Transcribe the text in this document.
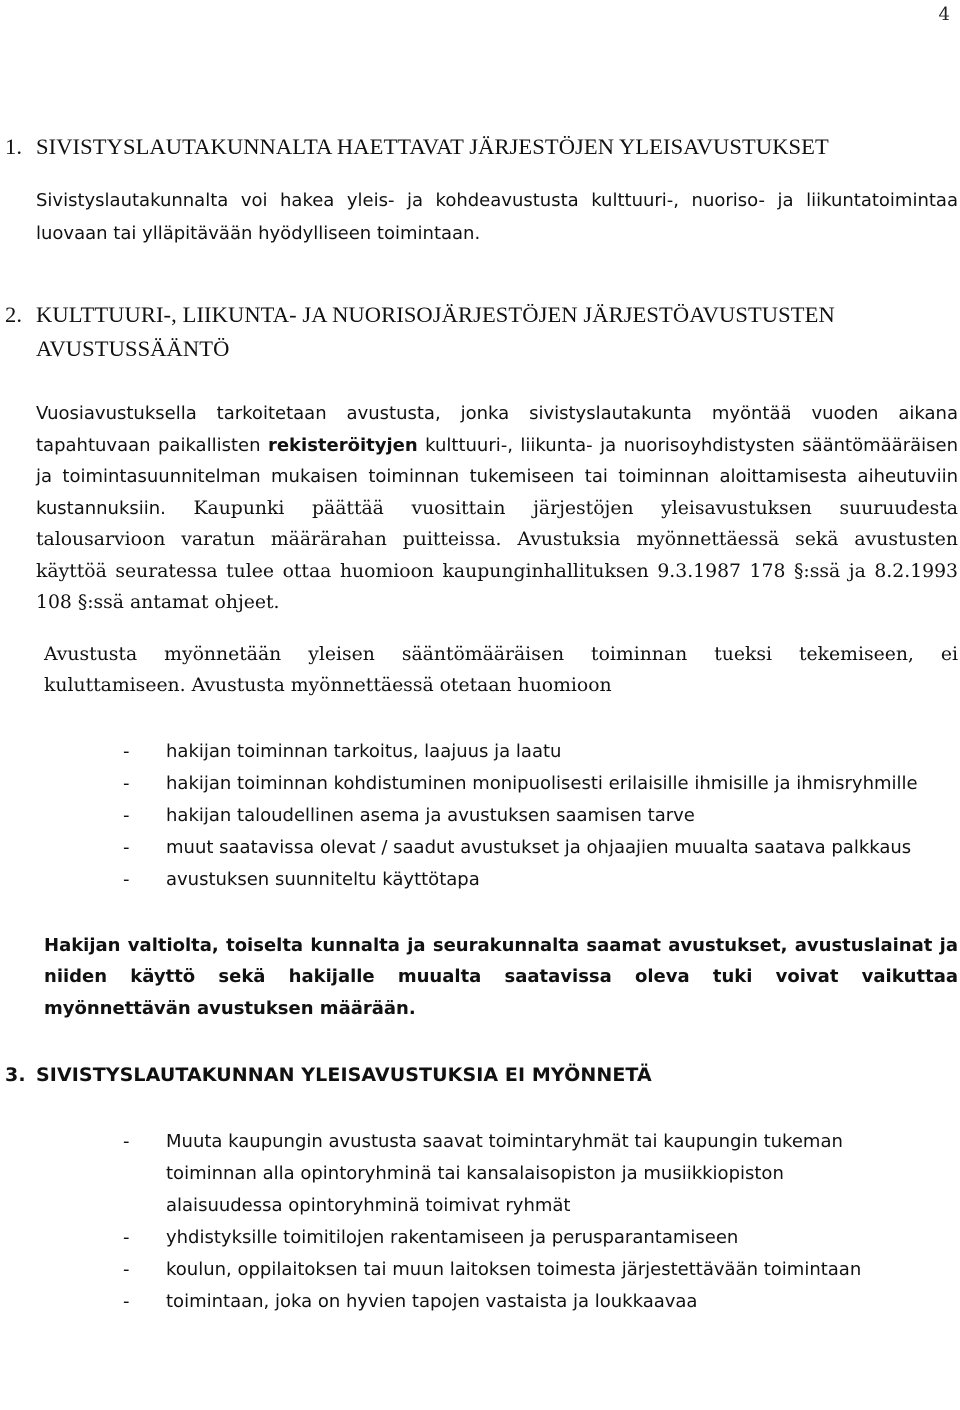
4
1. SIVISTYSLAUTAKUNNALTA HAETTAVAT JÄRJESTÖJEN YLEISAVUSTUKSET

Sivistyslautakunnalta voi hakea yleis- ja kohdeavustusta kulttuuri-, nuoriso- ja liikuntatoimintaa luovaan tai ylläpitävään hyödylliseen toimintaan.

2. KULTTUURI-, LIIKUNTA- JA NUORISOJÄRJESTÖJEN JÄRJESTÖAVUSTUSTEN
AVUSTUSSÄÄNTÖ

Vuosiavustuksella tarkoitetaan avustusta, jonka sivistyslautakunta myöntää vuoden aikana tapahtuvaan paikallisten rekisteröityjen kulttuuri-, liikunta- ja nuorisoyhdistysten sääntömääräisen ja toimintasuunnitelman mukaisen toiminnan tukemiseen tai toiminnan aloittamisesta aiheutuviin kustannuksiin. Kaupunki päättää vuosittain järjestöjen yleisavustuksen suuruudesta talousarvioon varatun määrärahan puitteissa. Avustuksia myönnettäessä sekä avustusten käyttöä seuratessa tulee ottaa huomioon kaupunginhallituksen 9.3.1987 178 §:ssä ja 8.2.1993 108 §:ssä antamat ohjeet.

Avustusta myönnetään yleisen sääntömääräisen toiminnan tueksi tekemiseen, ei kuluttamiseen. Avustusta myönnettäessä otetaan huomioon

- hakijan toiminnan tarkoitus, laajuus ja laatu
- hakijan toiminnan kohdistuminen monipuolisesti erilaisille ihmisille ja ihmisryhmille
- hakijan taloudellinen asema ja avustuksen saamisen tarve
- muut saatavissa olevat / saadut avustukset ja ohjaajien muualta saatava palkkaus
- avustuksen suunniteltu käyttötapa

Hakijan valtiolta, toiselta kunnalta ja seurakunnalta saamat avustukset, avustuslainat ja niiden käyttö sekä hakijalle muualta saatavissa oleva tuki voivat vaikuttaa myönnettävän avustuksen määrään.

3. SIVISTYSLAUTAKUNNAN YLEISAVUSTUKSIA EI MYÖNNETÄ
- Muuta kaupungin avustusta saavat toimintaryhmät tai kaupungin tukeman toiminnan alla opintoryhminä tai kansalaisopiston ja musiikkiopiston alaisuudessa opintoryhminä toimivat ryhmät
- yhdistyksille toimitilojen rakentamiseen ja perusparantamiseen
- koulun, oppilaitoksen tai muun laitoksen toimesta järjestettävään toimintaan
- toimintaan, joka on hyvien tapojen vastaista ja loukkaavaa
